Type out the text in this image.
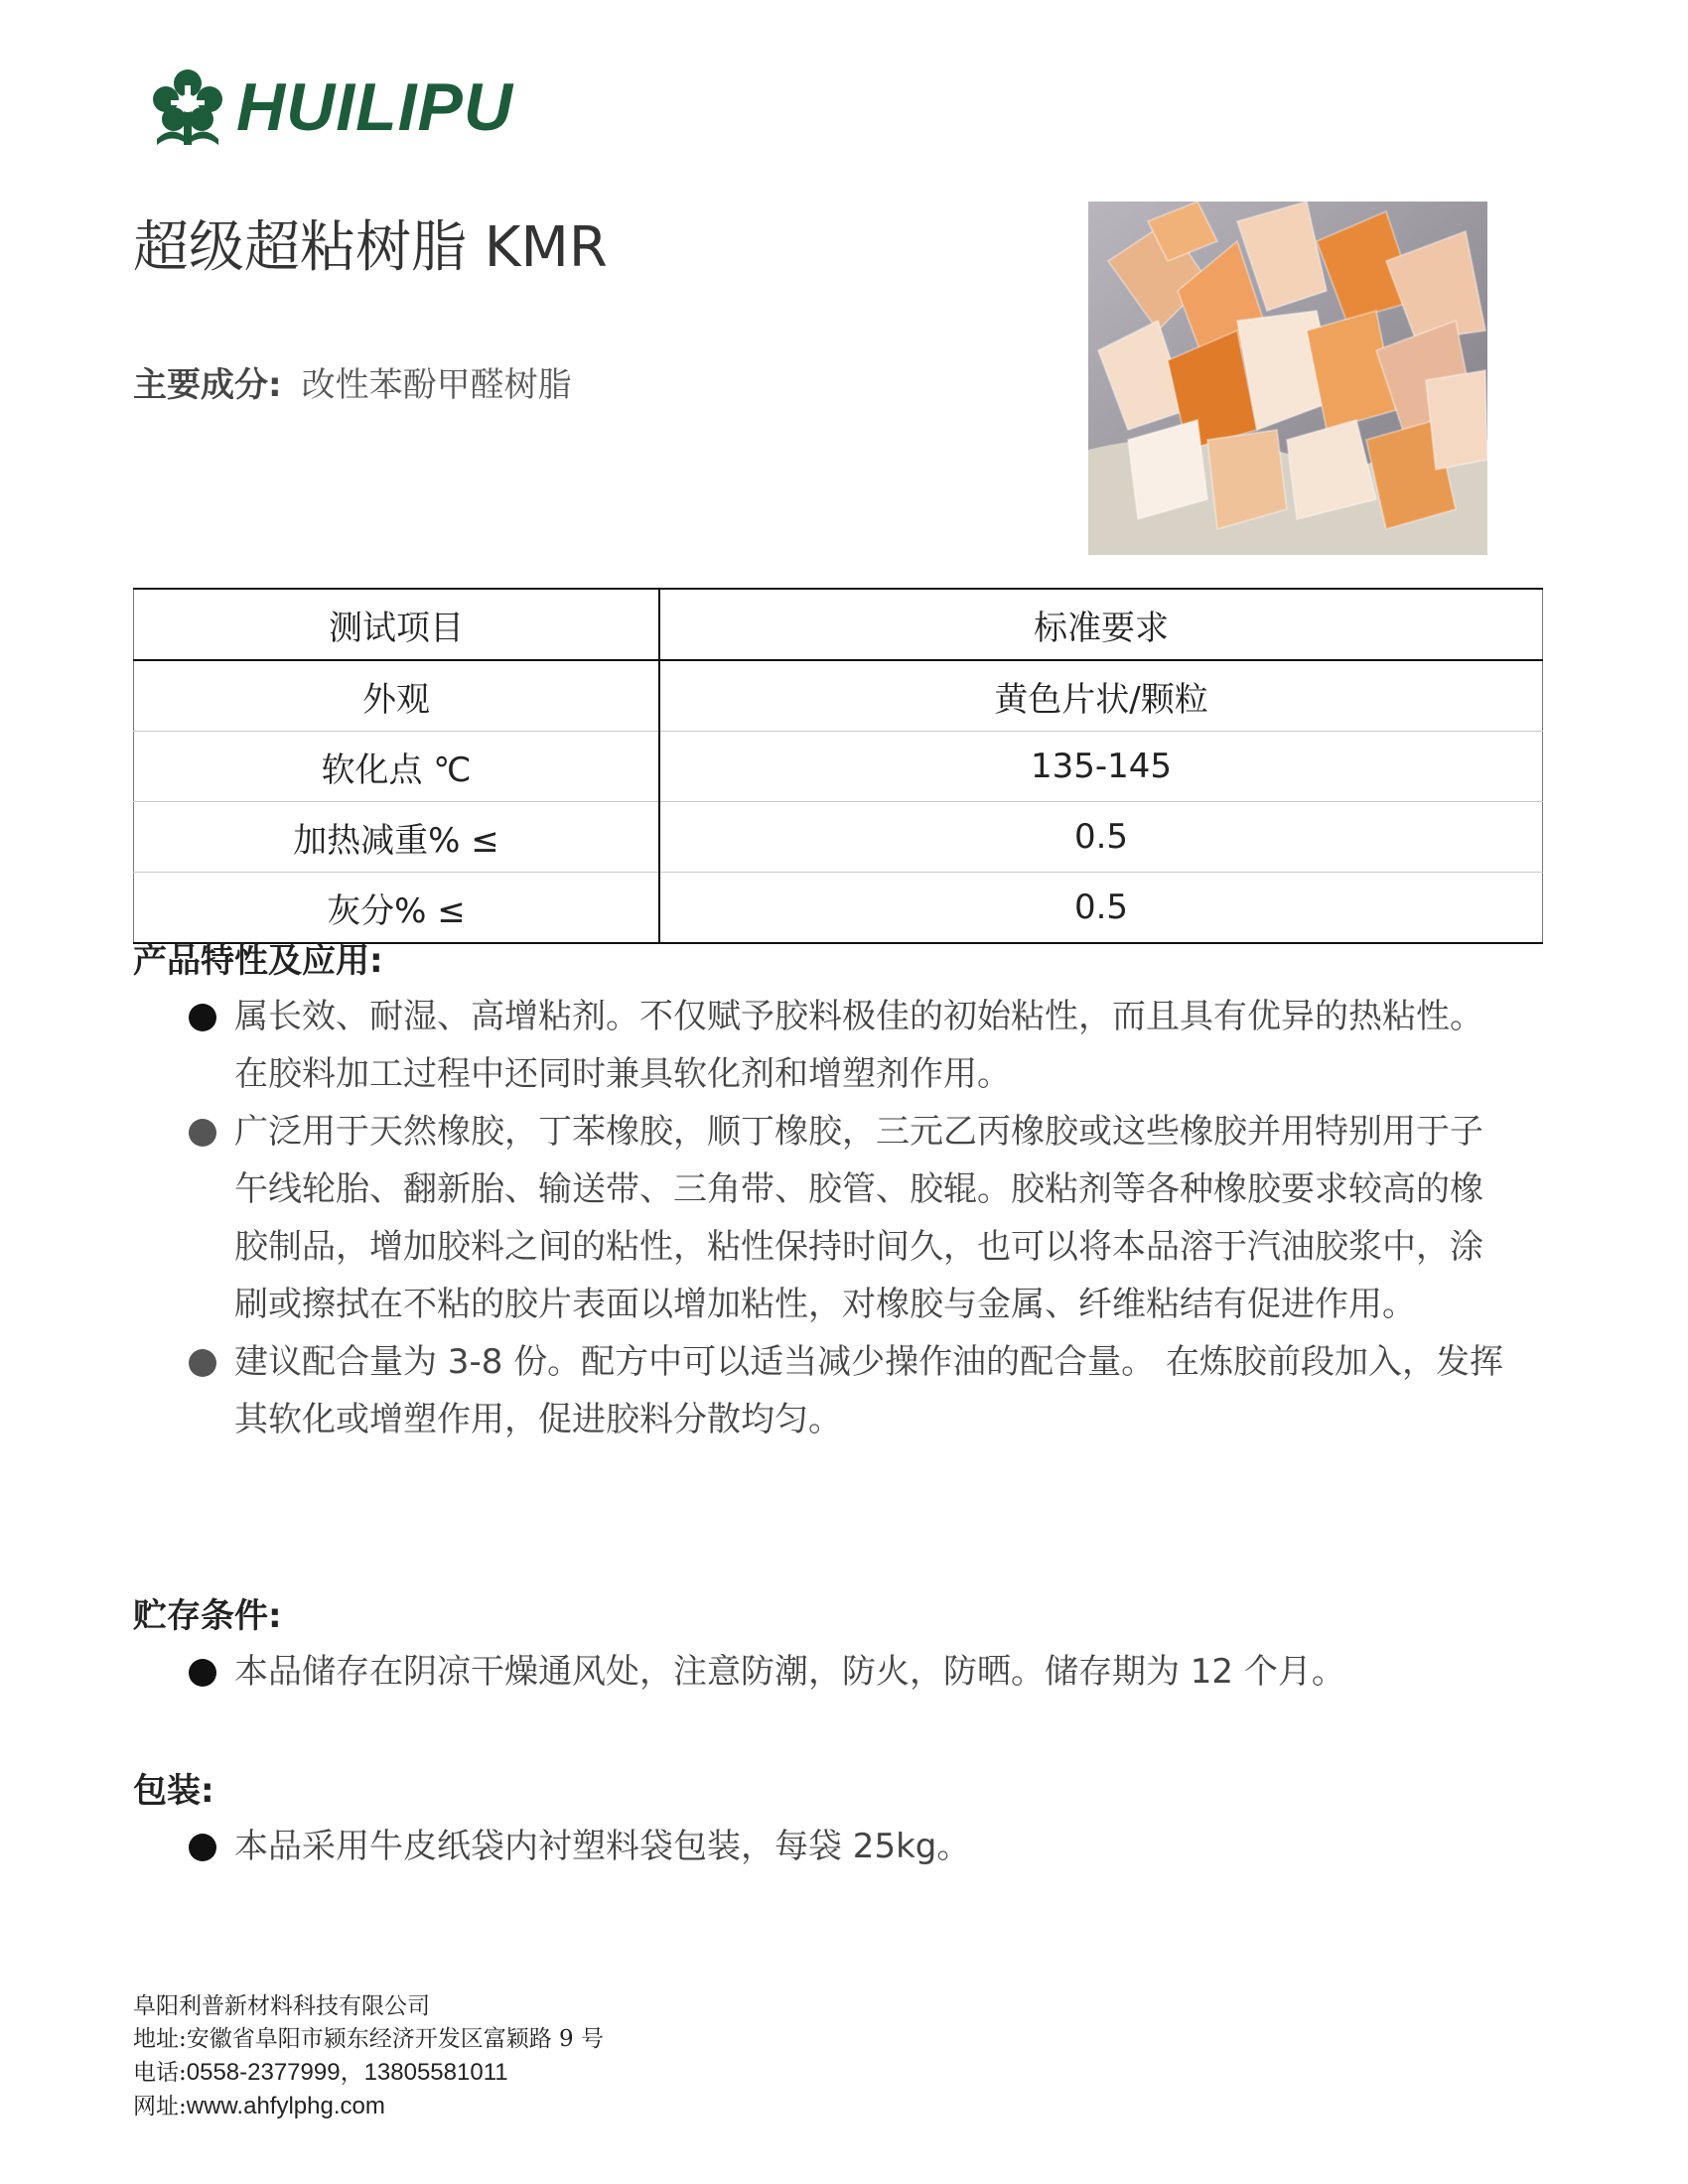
HUILIPU
超级超粘树脂 KMR
主要成分: 改性苯酚甲醛树脂
测试项目	标准要求
外观	黄色片状/颗粒
软化点 ℃	135-145
加热减重% ≤	0.5
灰分% ≤	0.5
产品特性及应用:
属长效、耐湿、高增粘剂。不仅赋予胶料极佳的初始粘性，而且具有优异的热粘性。在胶料加工过程中还同时兼具软化剂和增塑剂作用。
广泛用于天然橡胶，丁苯橡胶，顺丁橡胶，三元乙丙橡胶或这些橡胶并用特别用于子午线轮胎、翻新胎、输送带、三角带、胶管、胶辊。胶粘剂等各种橡胶要求较高的橡胶制品，增加胶料之间的粘性，粘性保持时间久，也可以将本品溶于汽油胶浆中，涂刷或擦拭在不粘的胶片表面以增加粘性，对橡胶与金属、纤维粘结有促进作用。
建议配合量为 3-8 份。配方中可以适当减少操作油的配合量。 在炼胶前段加入，发挥其软化或增塑作用，促进胶料分散均匀。
贮存条件:
本品储存在阴凉干燥通风处，注意防潮，防火，防晒。储存期为 12 个月。
包装:
本品采用牛皮纸袋内衬塑料袋包装，每袋 25kg。
阜阳利普新材料科技有限公司
地址:安徽省阜阳市颍东经济开发区富颖路 9 号
电话:0558-2377999，13805581011
网址:www.ahfylphg.com
